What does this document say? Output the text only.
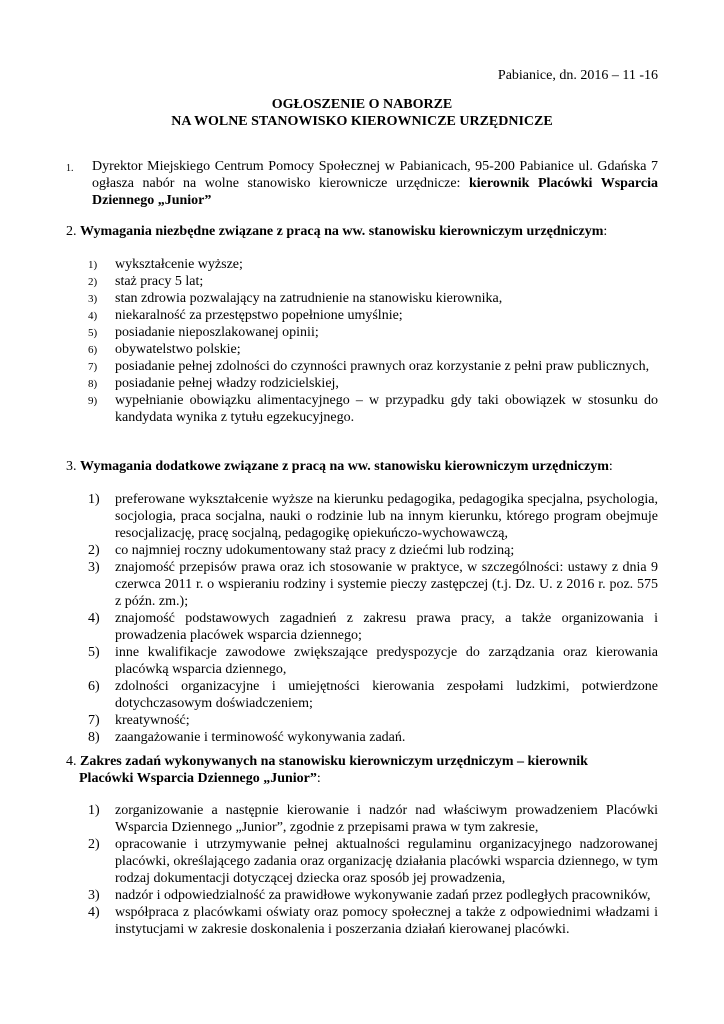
Pabianice, dn. 2016 – 11 -16
OGŁOSZENIE O NABORZE
NA WOLNE STANOWISKO KIEROWNICZE URZĘDNICZE
1. Dyrektor Miejskiego Centrum Pomocy Społecznej w Pabianicach, 95-200 Pabianice ul. Gdańska 7 ogłasza nabór na wolne stanowisko kierownicze urzędnicze: kierownik Placówki Wsparcia Dziennego „Junior”
2. Wymagania niezbędne związane z pracą na ww. stanowisku kierowniczym urzędniczym:
1) wykształcenie wyższe;
2) staż pracy 5 lat;
3) stan zdrowia pozwalający na zatrudnienie na stanowisku kierownika,
4) niekaralność za przestępstwo popełnione umyślnie;
5) posiadanie nieposzlakowanej opinii;
6) obywatelstwo polskie;
7) posiadanie pełnej zdolności do czynności prawnych oraz korzystanie z pełni praw publicznych,
8) posiadanie pełnej władzy rodzicielskiej,
9) wypełnianie obowiązku alimentacyjnego – w przypadku gdy taki obowiązek w stosunku do kandydata wynika z tytułu egzekucyjnego.
3. Wymagania dodatkowe związane z pracą na ww. stanowisku kierowniczym urzędniczym:
1) preferowane wykształcenie wyższe na kierunku pedagogika, pedagogika specjalna, psychologia, socjologia, praca socjalna, nauki o rodzinie lub na innym kierunku, którego program obejmuje resocjalizację, pracę socjalną, pedagogikę opiekuńczo-wychowawczą,
2) co najmniej roczny udokumentowany staż pracy z dziećmi lub rodziną;
3) znajomość przepisów prawa oraz ich stosowanie w praktyce, w szczególności: ustawy z dnia 9 czerwca 2011 r. o wspieraniu rodziny i systemie pieczy zastępczej (t.j. Dz. U. z 2016 r. poz. 575 z późn. zm.);
4) znajomość podstawowych zagadnień z zakresu prawa pracy, a także organizowania i prowadzenia placówek wsparcia dziennego;
5) inne kwalifikacje zawodowe zwiększające predyspozycje do zarządzania oraz kierowania placówką wsparcia dziennego,
6) zdolności organizacyjne i umiejętności kierowania zespołami ludzkimi, potwierdzone dotychczasowym doświadczeniem;
7) kreatywność;
8) zaangażowanie i terminowość wykonywania zadań.
4. Zakres zadań wykonywanych na stanowisku kierowniczym urzędniczym – kierownik
Placówki Wsparcia Dziennego „Junior”:
1) zorganizowanie a następnie kierowanie i nadzór nad właściwym prowadzeniem Placówki Wsparcia Dziennego „Junior”, zgodnie z przepisami prawa w tym zakresie,
2) opracowanie i utrzymywanie pełnej aktualności regulaminu organizacyjnego nadzorowanej placówki, określającego zadania oraz organizację działania placówki wsparcia dziennego, w tym rodzaj dokumentacji dotyczącej dziecka oraz sposób jej prowadzenia,
3) nadzór i odpowiedzialność za prawidłowe wykonywanie zadań przez podległych pracowników,
4) współpraca z placówkami oświaty oraz pomocy społecznej a także z odpowiednimi władzami i instytucjami w zakresie doskonalenia i poszerzania działań kierowanej placówki.
